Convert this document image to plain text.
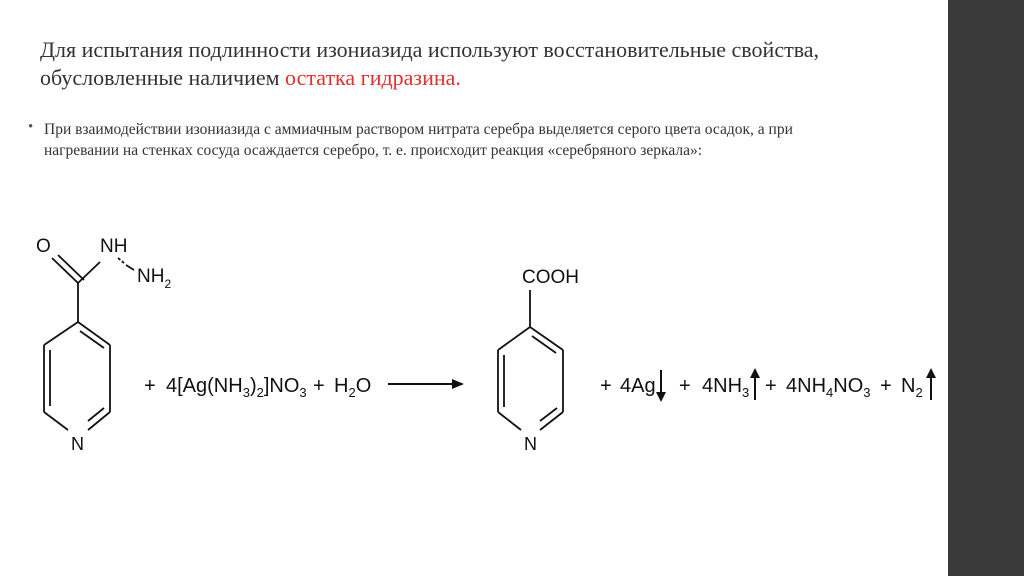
Для испытания подлинности изониазида используют восстановительные свойства, обусловленные наличием остатка гидразина.
• При взаимодействии изониазида с аммиачным раствором нитрата серебра выделяется серого цвета осадок, а при нагревании на стенках сосуда осаждается серебро, т. е. происходит реакция «серебряного зеркала»:
O	NH
$NH_2$
N
+ $4[Ag(NH_3)_2]NO_3 + H_2O$
COOH
N
+ $4Ag + 4NH_3 + 4NH_4NO_3 + N_2$
